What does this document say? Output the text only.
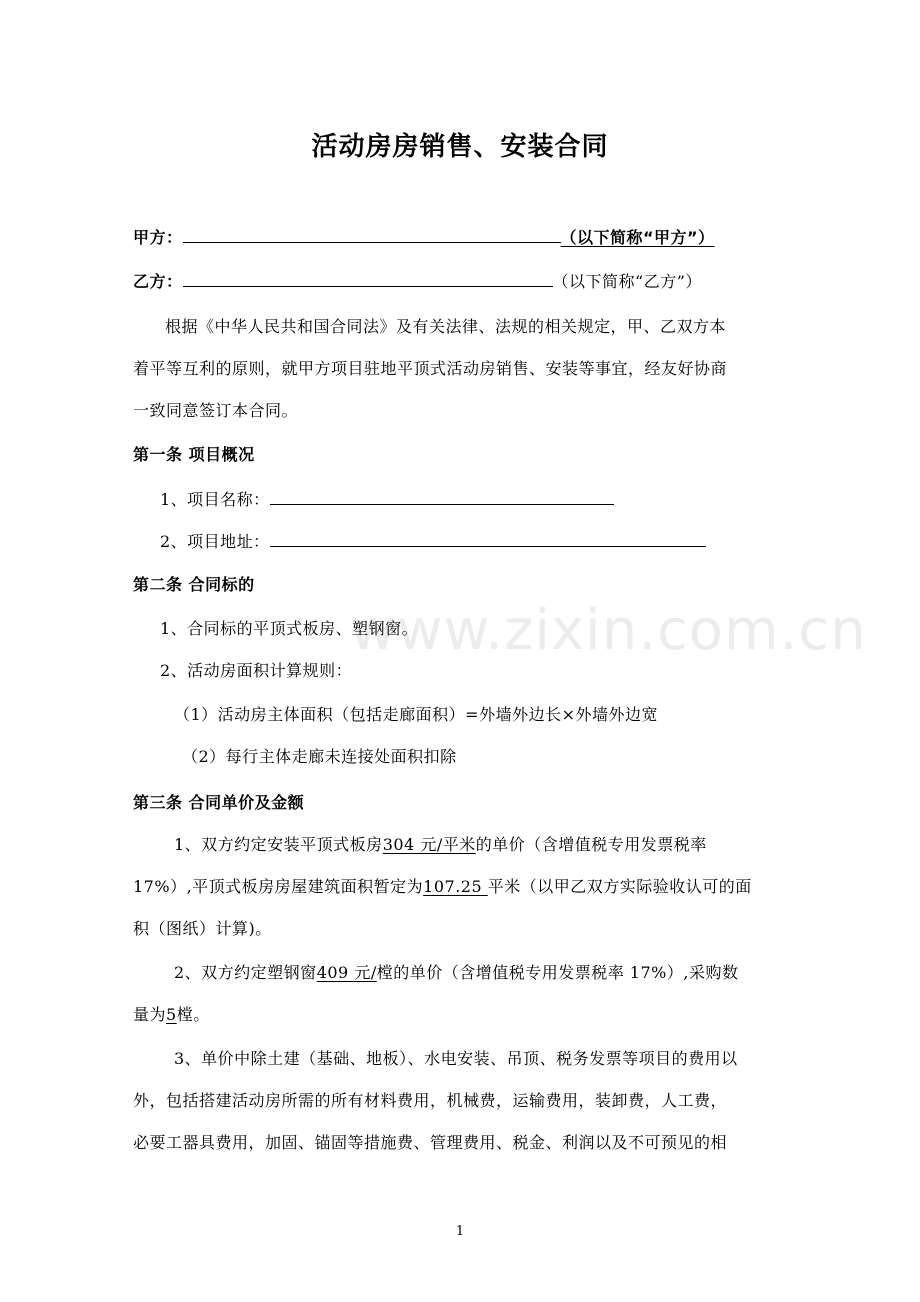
活动房房销售、安装合同
甲方：	（以下简称“甲方”）
乙方：	（以下简称“乙方”）
根据《中华人民共和国合同法》及有关法律、法规的相关规定，甲、乙双方本
着平等互利的原则，就甲方项目驻地平顶式活动房销售、安装等事宜，经友好协商
一致同意签订本合同。
第一条 项目概况
1、项目名称：
2、项目地址：
第二条 合同标的
1、合同标的平顶式板房、塑钢窗。
2、活动房面积计算规则：
（1）活动房主体面积（包括走廊面积）=外墙外边长×外墙外边宽
（2）每行主体走廊未连接处面积扣除
第三条 合同单价及金额
1、双方约定安装平顶式板房304 元/平米的单价（含增值税专用发票税率
17%）,平顶式板房房屋建筑面积暂定为107.25 平米（以甲乙双方实际验收认可的面
积（图纸）计算)。
2、双方约定塑钢窗409 元/樘的单价（含增值税专用发票税率 17%）,采购数
量为5樘。
3、单价中除土建（基础、地板）、水电安装、吊顶、税务发票等项目的费用以
外，包括搭建活动房所需的所有材料费用，机械费，运输费用，装卸费，人工费，
必要工器具费用，加固、锚固等措施费、管理费用、税金、利润以及不可预见的相
www.zixin.com.cn
1
